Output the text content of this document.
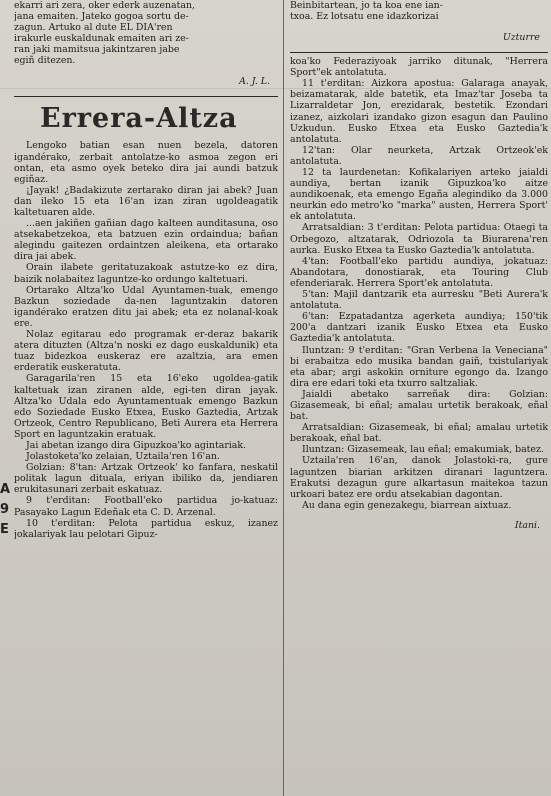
ekarri ari zera, oker ederk auzenatan,

jana emaiten. Jateko gogoa sortu de-

zagun. Artuko al dute EL DIA'ren

irakurle euskaldunak emaiten ari ze-

ran jaki mamitsua jakintzaren jabe

egiñ ditezen.

A. J. L.

Errera-Altza

Lengoko batian esan nuen bezela, datoren igandérako, zerbait antolatze-ko asmoa zegon eri ontan, eta asmo oyek beteko dira jai aundi batzuk egiñaz.

¡Jayak! ¿Badakizute zertarako diran jai abek? Juan dan ileko 15 eta 16'an izan ziran ugoldeagatik kaltetuaren alde.

...aen jakiñen gañian dago kalteen aunditasuna, oso atsekabetzekoa, eta batzuen ezin ordaindua; bañan alegindu gaitezen ordaintzen aleikena, eta ortarako dira jai abek.

Orain ilabete geritatuzakoak astutze-ko ez dira, baizik nolabaitez laguntze-ko ordungo kaltetuari.

Ortarako Altza'ko Udal Ayuntamen-tuak, emengo Bazkun soziedade da-nen laguntzakin datoren igandérako eratzen ditu jai abek; eta ez nolanal-koak ere.

Nolaz egitarau edo programak er-deraz bakarik atera dituzten (Altza'n noski ez dago euskaldunik) eta tuaz bidezkoa euskeraz ere azaltzia, ara emen erderatik euskeratuta.

Garagarila'ren 15 eta 16'eko ugoldea-gatik kaltetuak izan ziranen alde, egi-ten diran jayak. Altza'ko Udala edo Ayuntamentuak emengo Bazkun edo Soziedade Eusko Etxea, Eusko Gaztedia, Artzak Ortzeok, Centro Republicano, Beti Aurera eta Herrera Sport en laguntzakin eratuak.

Jai abetan izango dira Gipuzkoa'ko agintariak.

Jolastoketa'ko zelaian, Uztaila'ren 16'an.

Golzian: 8'tan: Artzak Ortzeok' ko fanfara, neskatil politak lagun dituala, eriyan ibiliko da, jendiaren erukitasunari zerbait eskatuaz.

9 t'erditan: Football'eko partidua jo-katuaz: Pasayako Lagun Edeñak eta C. D. Arzenal.

10 t'erditan: Pelota partidua eskuz, izanez jokalariyak lau pelotari Gipuz-

Beinbitartean, jo ta koa ene ian-

txoa. Ez lotsatu ene idazkorizai

Uzturre

koa'ko Federaziyoak jarriko ditunak, "Herrera Sport"ek antolatuta.

11 t'erditan: Aizkora apostua: Galaraga anayak, beizamatarak, alde batetik, eta Imaz'tar Joseba ta Lizarraldetar Jon, erezidarak, bestetik. Ezondari izanez, aizkolari izandako gizon esagun dan Paulino Uzkudun. Eusko Etxea eta Eusko Gaztedia'k antolatuta.

12'tan: Olar neurketa, Artzak Ortzeok'ek antolatuta.

12 ta laurdenetan: Kofikalariyen arteko jaialdi aundiya, bertan izanik Gipuzkoa'ko aitze aundikoenak, eta emengo Egaña alegindiko da 3.000 neurkin edo metro'ko "marka" austen, Herrera Sport' ek antolatuta.

Arratsaldian: 3 t'erditan: Pelota partidua: Otaegi ta Orbegozo, altzatarak, Odriozola ta Biurarena'ren aurka. Eusko Etxea ta Eusko Gaztedia'k antolatuta.

4'tan: Football'eko partidu aundiya, jokatuaz: Abandotara, donostiarak, eta Touring Club efenderiarak. Herrera Sport'ek antolatuta.

5'tan: Majil dantzarik eta aurresku "Beti Aurera'k antolatuta.

6'tan: Ezpatadantza agerketa aundiya; 150'tik 200'a dantzari izanik Eusko Etxea eta Eusko Gaztedia'k antolatuta.

Iluntzan: 9 t'erditan: "Gran Verbena la Veneciana" bi erabaitza edo musika bandan gaiñ, txistulariyak eta abar; argi askokin orniture egongo da. Izango dira ere edari toki eta txurro saltzaliak.

Jaialdi abetako sarreñak dira: Golzian: Gizasemeak, bi eñal; amalau urtetik berakoak, eñal bat.

Arratsaldian: Gizasemeak, bi eñal; amalau urtetik berakoak, eñal bat.

Iluntzan: Gizasemeak, lau eñal; emakumiak, batez.

Uztaila'ren 16'an, danok Jolastoki-ra, gure laguntzen biarian arkitzen diranari laguntzera. Erakutsi dezagun gure alkartasun maitekoa tazun urkoari batez ere ordu atsekabian dagontan.

Au dana egin genezakegu, biarrean aixtuaz.

Itani.

A
9
E
